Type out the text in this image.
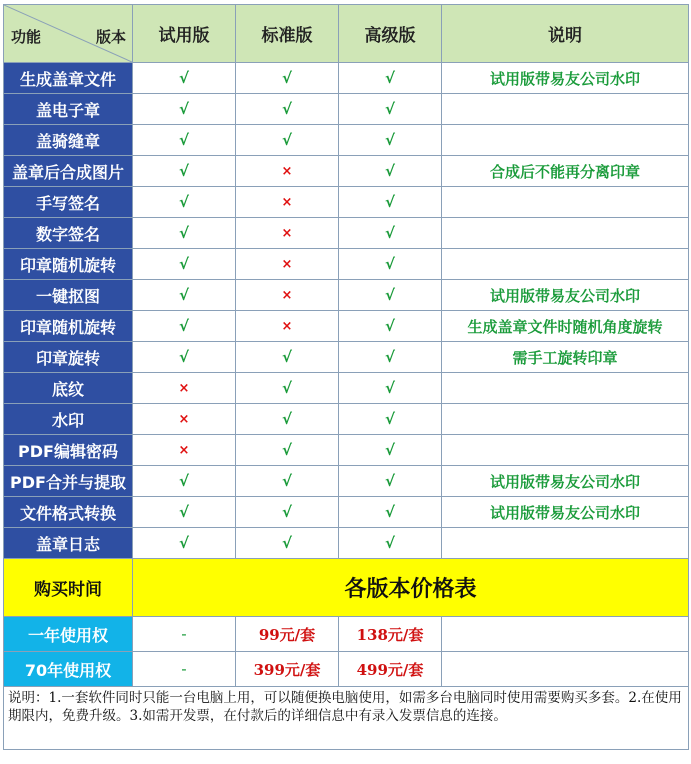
功能 版本	试用版	标准版	高级版	说明
生成盖章文件	√	√	√	试用版带易友公司水印
盖电子章	√	√	√	
盖骑缝章	√	√	√	
盖章后合成图片	√	×	√	合成后不能再分离印章
手写签名	√	×	√	
数字签名	√	×	√	
印章随机旋转	√	×	√	
一键抠图	√	×	√	试用版带易友公司水印
印章随机旋转	√	×	√	生成盖章文件时随机角度旋转
印章旋转	√	√	√	需手工旋转印章
底纹	×	√	√	
水印	×	√	√	
PDF编辑密码	×	√	√	
PDF合并与提取	√	√	√	试用版带易友公司水印
文件格式转换	√	√	√	试用版带易友公司水印
盖章日志	√	√	√	
购买时间	各版本价格表			
一年使用权	-	99元/套	138元/套	
70年使用权	-	399元/套	499元/套	
说明：1.一套软件同时只能一台电脑上用，可以随便换电脑使用，如需多台电脑同时使用需要购买多套。2.在使用期限内，免费升级。3.如需开发票，在付款后的详细信息中有录入发票信息的连接。				
